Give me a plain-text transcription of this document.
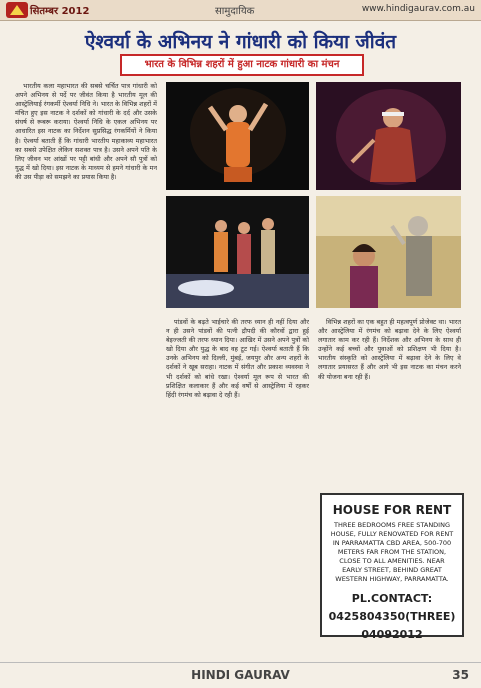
सितम्बर 2012	सामुदायिक	www.hindigaurav.com.au
ऐश्वर्या के अभिनय ने गांधारी को किया जीवंत
भारत के विभिन्न शहरों में हुआ नाटक गांधारी का मंचन

भारतीय कला महाभारत की सबसे चर्चित पात्र गांधारी को अपने अभिनय से पर्दे पर जीवंत किया है भारतीय मूल की आस्ट्रेलियाई रंगकर्मी ऐश्वर्या निधि ने। भारत के विभिन्न शहरों में मंचित हुए इस नाटक ने दर्शकों को गांधारी के दर्द और उसके संघर्ष से रूबरू कराया। ऐश्वर्या निधि के एकल अभिनय पर आधारित इस नाटक का निर्देशन सुप्रसिद्ध रंगकर्मियों ने किया है। ऐश्वर्या बताती हैं कि गांधारी भारतीय महाकाव्य महाभारत का सबसे उपेक्षित लेकिन सशक्त पात्र है। उसने अपने पति के लिए जीवन भर आंखों पर पट्टी बांधी और अपने सौ पुत्रों को युद्ध में खो दिया। इस नाटक के माध्यम से हमने गांधारी के मन की उस पीड़ा को समझने का प्रयास किया है।

पांडवों के बढ़ते भाईचारे की तरफ ध्यान ही नहीं दिया और न ही उसने पांडवों की पत्नी द्रौपदी की कौरवों द्वारा हुई बेइज्जती की तरफ ध्यान दिया। आखिर में उसने अपने पुत्रों को खो दिया और युद्ध के बाद वह टूट गई। ऐश्वर्या बताती हैं कि उनके अभिनय को दिल्ली, मुंबई, जयपुर और अन्य शहरों के दर्शकों ने खूब सराहा। नाटक में संगीत और प्रकाश व्यवस्था ने भी दर्शकों को बांधे रखा। ऐश्वर्या मूल रूप से भारत की प्रशिक्षित कलाकार हैं और कई वर्षों से आस्ट्रेलिया में रहकर हिंदी रंगमंच को बढ़ावा दे रही हैं।

विभिन्न शहरों का एक बहुत ही महत्वपूर्ण प्रोजेक्ट था। भारत और आस्ट्रेलिया में रंगमंच को बढ़ावा देने के लिए ऐश्वर्या लगातार काम कर रही हैं। निर्देशक और अभिनय के साथ ही उन्होंने कई बच्चों और युवाओं को प्रशिक्षण भी दिया है। भारतीय संस्कृति को आस्ट्रेलिया में बढ़ावा देने के लिए वे लगातार प्रयासरत हैं और आगे भी इस नाटक का मंचन करने की योजना बना रही हैं।

HOUSE FOR RENT
THREE BEDROOMS FREE STANDING HOUSE, FULLY RENOVATED FOR RENT IN PARRAMATTA CBD AREA, 500-700 METERS FAR FROM THE STATION, CLOSE TO ALL AMENITIES. NEAR EARLY STREET, BEHIND GREAT WESTERN HIGHWAY, PARRAMATTA.
PL.CONTACT:
0425804350(THREE)
04092012
HINDI GAURAV	35
